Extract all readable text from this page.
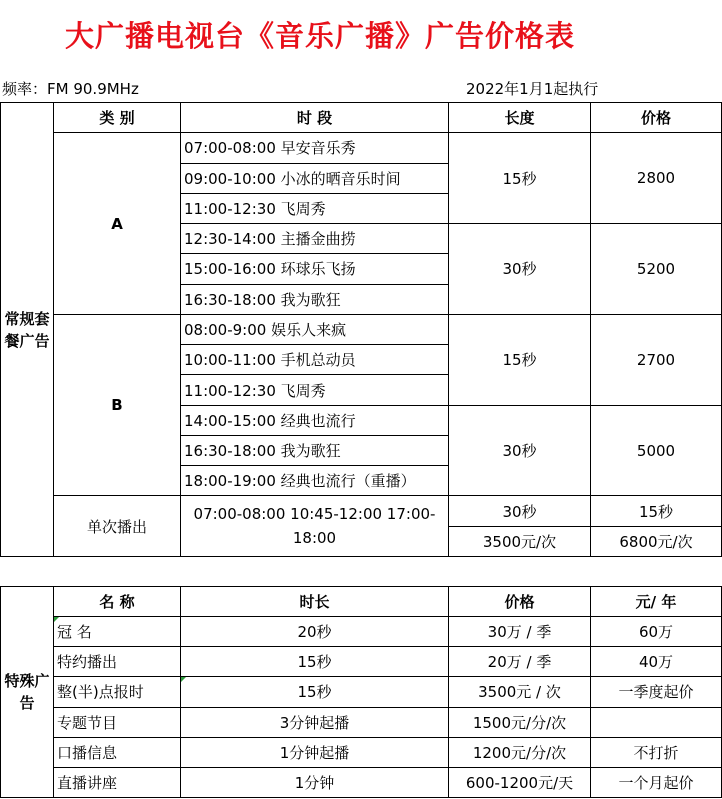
大广播电视台《音乐广播》广告价格表
频率：FM 90.9MHz	2022年1月1起执行
常规套餐广告	类 别	时 段	长度	价格
	A	07:00-08:00 早安音乐秀	15秒	2800
		09:00-10:00 小冰的晒音乐时间		
		11:00-12:30 飞周秀		
		12:30-14:00 主播金曲捞	30秒	5200
		15:00-16:00 环球乐飞扬		
		16:30-18:00 我为歌狂		
	B	08:00-9:00 娱乐人来疯	15秒	2700
		10:00-11:00 手机总动员		
		11:00-12:30 飞周秀		
		14:00-15:00 经典也流行	30秒	5000
		16:30-18:00 我为歌狂		
		18:00-19:00 经典也流行（重播）		
	单次播出	07:00-08:00 10:45-12:00 17:00-18:00	30秒	15秒
			3500元/次	6800元/次
特殊广告	名 称	时长	价格	元/ 年
	冠 名	20秒	30万 / 季	60万
	特约播出	15秒	20万 / 季	40万
	整(半)点报时	15秒	3500元 / 次	一季度起价
	专题节目	3分钟起播	1500元/分/次	
	口播信息	1分钟起播	1200元/分/次	不打折
	直播讲座	1分钟	600-1200元/天	一个月起价
